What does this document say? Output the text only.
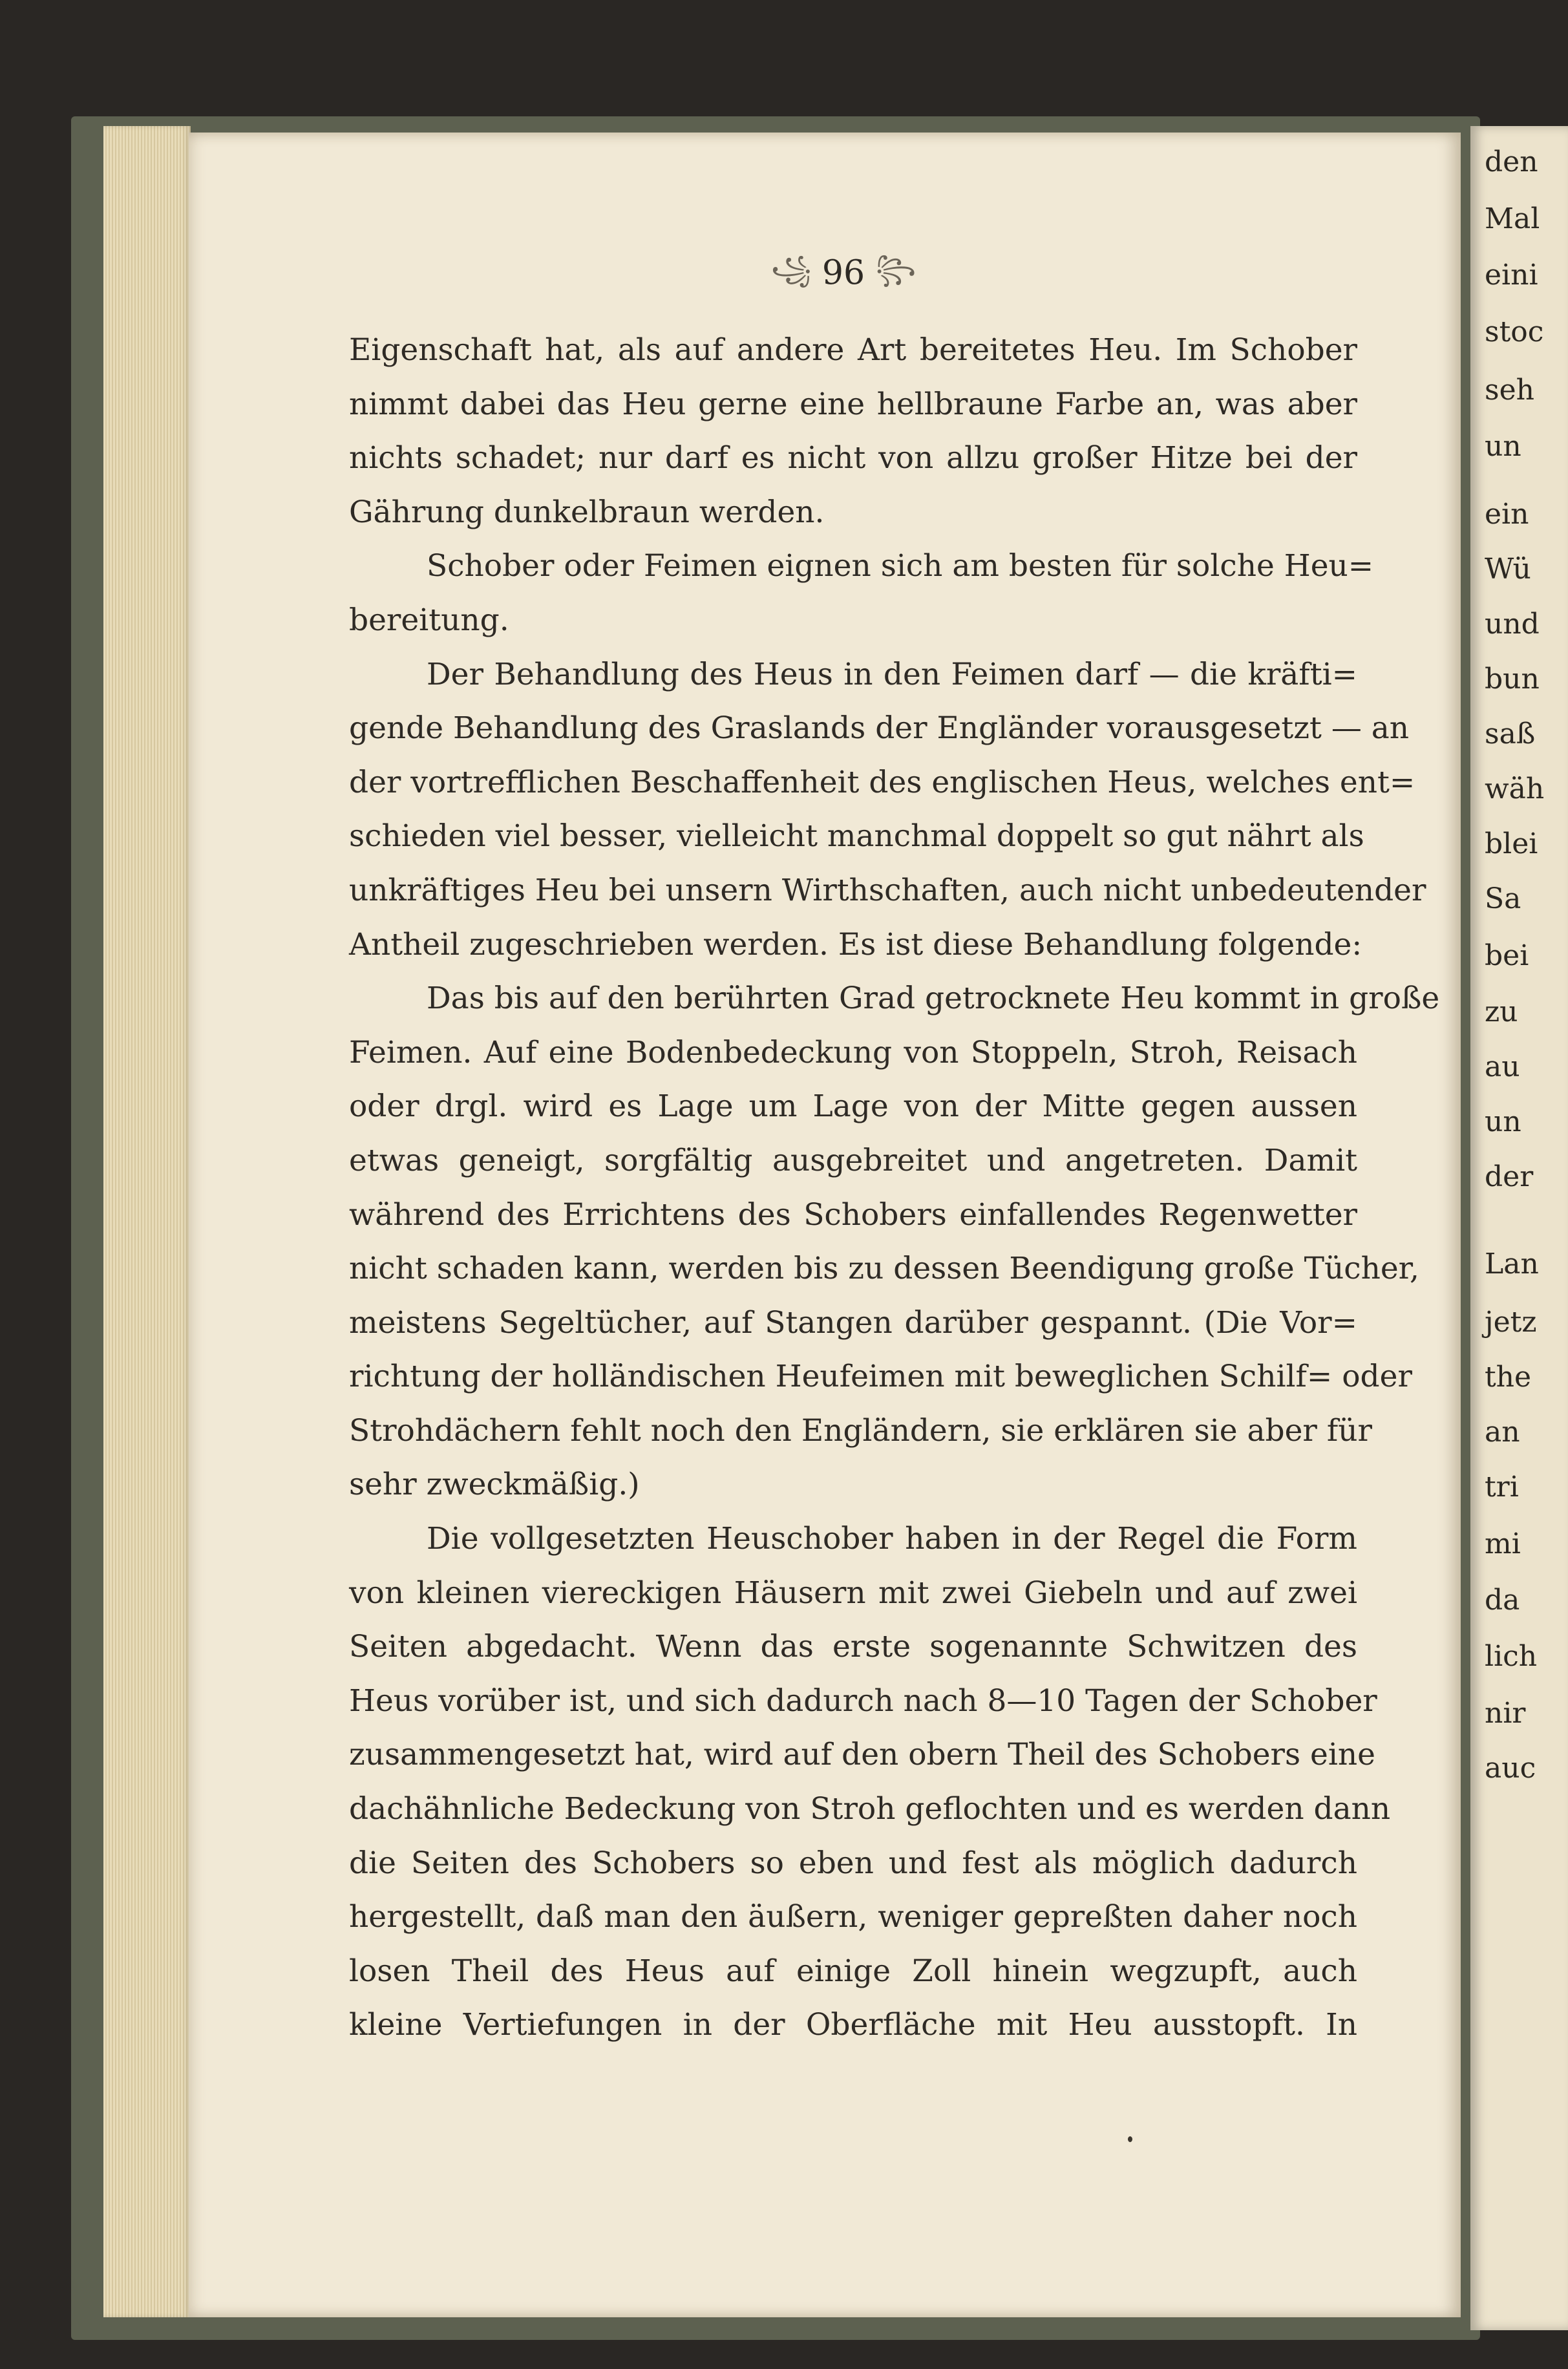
den
Mal
eini
stoc
seh
un
ein
Wü
und
bun
saß
wäh
blei
Sa
bei
zu
au
un
der
Lan
jetz
the
an
tri
mi
da
lich
nir
auc
꧁ 96 ꧂
Eigenschaft hat, als auf andere Art bereitetes Heu. Im Schober
nimmt dabei das Heu gerne eine hellbraune Farbe an, was aber
nichts schadet; nur darf es nicht von allzu großer Hitze bei der
Gährung dunkelbraun werden.
Schober oder Feimen eignen sich am besten für solche Heu=
bereitung.
Der Behandlung des Heus in den Feimen darf — die kräfti=
gende Behandlung des Graslands der Engländer vorausgesetzt — an
der vortrefflichen Beschaffenheit des englischen Heus, welches ent=
schieden viel besser, vielleicht manchmal doppelt so gut nährt als
unkräftiges Heu bei unsern Wirthschaften, auch nicht unbedeutender
Antheil zugeschrieben werden. Es ist diese Behandlung folgende:
Das bis auf den berührten Grad getrocknete Heu kommt in große
Feimen. Auf eine Bodenbedeckung von Stoppeln, Stroh, Reisach
oder drgl. wird es Lage um Lage von der Mitte gegen aussen
etwas geneigt, sorgfältig ausgebreitet und angetreten. Damit
während des Errichtens des Schobers einfallendes Regenwetter
nicht schaden kann, werden bis zu dessen Beendigung große Tücher,
meistens Segeltücher, auf Stangen darüber gespannt. (Die Vor=
richtung der holländischen Heufeimen mit beweglichen Schilf= oder
Strohdächern fehlt noch den Engländern, sie erklären sie aber für
sehr zweckmäßig.)
Die vollgesetzten Heuschober haben in der Regel die Form
von kleinen viereckigen Häusern mit zwei Giebeln und auf zwei
Seiten abgedacht. Wenn das erste sogenannte Schwitzen des
Heus vorüber ist, und sich dadurch nach 8—10 Tagen der Schober
zusammengesetzt hat, wird auf den obern Theil des Schobers eine
dachähnliche Bedeckung von Stroh geflochten und es werden dann
die Seiten des Schobers so eben und fest als möglich dadurch
hergestellt, daß man den äußern, weniger gepreßten daher noch
losen Theil des Heus auf einige Zoll hinein wegzupft, auch
kleine Vertiefungen in der Oberfläche mit Heu ausstopft. In
